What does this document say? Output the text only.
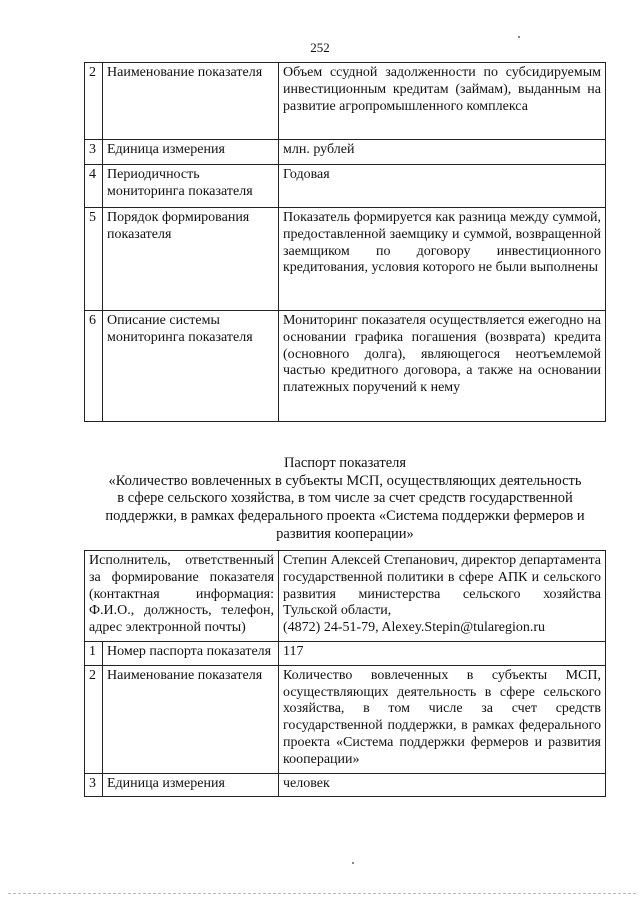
252
2	Наименование показателя	Объем ссудной задолженности по субсидируемым инвестиционным кредитам (займам), выданным на развитие агропромышленного комплекса
3	Единица измерения	млн. рублей
4	Периодичность мониторинга показателя	Годовая
5	Порядок формирования показателя	Показатель формируется как разница между суммой, предоставленной заемщику и суммой, возвращенной заемщиком по договору инвестиционного кредитования, условия которого не были выполнены
6	Описание системы мониторинга показателя	Мониторинг показателя осуществляется ежегодно на основании графика погашения (возврата) кредита (основного долга), являющегося неотъемлемой частью кредитного договора, а также на основании платежных поручений к нему
Паспорт показателя
«Количество вовлеченных в субъекты МСП, осуществляющих деятельность
в сфере сельского хозяйства, в том числе за счет средств государственной
поддержки, в рамках федерального проекта «Система поддержки фермеров и
развития кооперации»
Исполнитель, ответственный за формирование показателя (контактная информация: Ф.И.О., должность, телефон, адрес электронной почты)		Степин Алексей Степанович, директор департамента государственной политики в сфере АПК и сельского развития министерства сельского хозяйства Тульской области,
(4872) 24-51-79, Alexey.Stepin@tularegion.ru

1	Номер паспорта показателя	117
2	Наименование показателя	Количество вовлеченных в субъекты МСП, осуществляющих деятельность в сфере сельского хозяйства, в том числе за счет средств государственной поддержки, в рамках федерального проекта «Система поддержки фермеров и развития кооперации»
3	Единица измерения	человек
